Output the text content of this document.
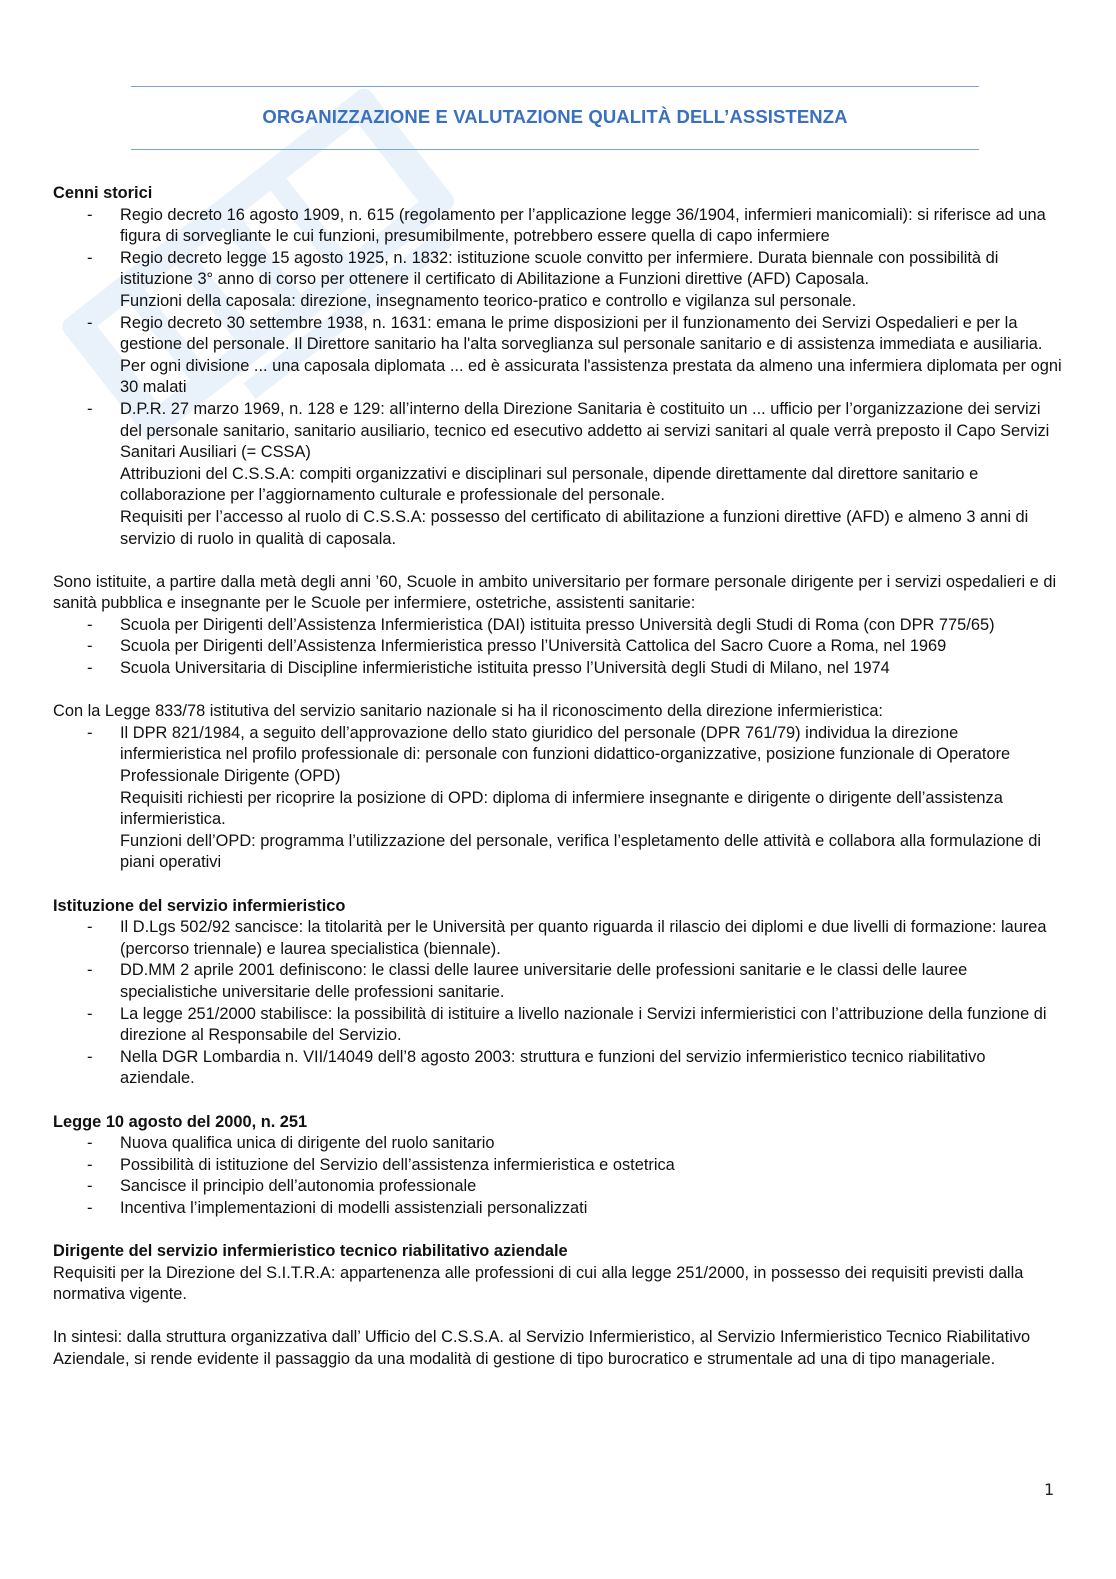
ORGANIZZAZIONE E VALUTAZIONE QUALITÀ DELL’ASSISTENZA
Cenni storici
- Regio decreto 16 agosto 1909, n. 615 (regolamento per l’applicazione legge 36/1904, infermieri manicomiali): si riferisce ad una figura di sorvegliante le cui funzioni, presumibilmente, potrebbero essere quella di capo infermiere
- Regio decreto legge 15 agosto 1925, n. 1832: istituzione scuole convitto per infermiere. Durata biennale con possibilità di istituzione 3° anno di corso per ottenere il certificato di Abilitazione a Funzioni direttive (AFD) Caposala.
Funzioni della caposala: direzione, insegnamento teorico-pratico e controllo e vigilanza sul personale.
- Regio decreto 30 settembre 1938, n. 1631: emana le prime disposizioni per il funzionamento dei Servizi Ospedalieri e per la gestione del personale. Il Direttore sanitario ha l'alta sorveglianza sul personale sanitario e di assistenza immediata e ausiliaria. Per ogni divisione ... una caposala diplomata ... ed è assicurata l'assistenza prestata da almeno una infermiera diplomata per ogni 30 malati
- D.P.R. 27 marzo 1969, n. 128 e 129: all’interno della Direzione Sanitaria è costituito un ... ufficio per l’organizzazione dei servizi del personale sanitario, sanitario ausiliario, tecnico ed esecutivo addetto ai servizi sanitari al quale verrà preposto il Capo Servizi Sanitari Ausiliari (= CSSA)
Attribuzioni del C.S.S.A: compiti organizzativi e disciplinari sul personale, dipende direttamente dal direttore sanitario e collaborazione per l’aggiornamento culturale e professionale del personale.
Requisiti per l’accesso al ruolo di C.S.S.A: possesso del certificato di abilitazione a funzioni direttive (AFD) e almeno 3 anni di servizio di ruolo in qualità di caposala.
Sono istituite, a partire dalla metà degli anni ’60, Scuole in ambito universitario per formare personale dirigente per i servizi ospedalieri e di sanità pubblica e insegnante per le Scuole per infermiere, ostetriche, assistenti sanitarie:
- Scuola per Dirigenti dell’Assistenza Infermieristica (DAI) istituita presso Università degli Studi di Roma (con DPR 775/65)
- Scuola per Dirigenti dell’Assistenza Infermieristica presso l’Università Cattolica del Sacro Cuore a Roma, nel 1969
- Scuola Universitaria di Discipline infermieristiche istituita presso l’Università degli Studi di Milano, nel 1974
Con la Legge 833/78 istitutiva del servizio sanitario nazionale si ha il riconoscimento della direzione infermieristica:
- Il DPR 821/1984, a seguito dell’approvazione dello stato giuridico del personale (DPR 761/79) individua la direzione infermieristica nel profilo professionale di: personale con funzioni didattico-organizzative, posizione funzionale di Operatore Professionale Dirigente (OPD)
Requisiti richiesti per ricoprire la posizione di OPD: diploma di infermiere insegnante e dirigente o dirigente dell’assistenza infermieristica.
Funzioni dell’OPD: programma l’utilizzazione del personale, verifica l’espletamento delle attività e collabora alla formulazione di piani operativi
Istituzione del servizio infermieristico
- Il D.Lgs 502/92 sancisce: la titolarità per le Università per quanto riguarda il rilascio dei diplomi e due livelli di formazione: laurea (percorso triennale) e laurea specialistica (biennale).
- DD.MM 2 aprile 2001 definiscono: le classi delle lauree universitarie delle professioni sanitarie e le classi delle lauree specialistiche universitarie delle professioni sanitarie.
- La legge 251/2000 stabilisce: la possibilità di istituire a livello nazionale i Servizi infermieristici con l’attribuzione della funzione di direzione al Responsabile del Servizio.
- Nella DGR Lombardia n. VII/14049 dell’8 agosto 2003: struttura e funzioni del servizio infermieristico tecnico riabilitativo aziendale.
Legge 10 agosto del 2000, n. 251
- Nuova qualifica unica di dirigente del ruolo sanitario
- Possibilità di istituzione del Servizio dell’assistenza infermieristica e ostetrica
- Sancisce il principio dell’autonomia professionale
- Incentiva l’implementazioni di modelli assistenziali personalizzati
Dirigente del servizio infermieristico tecnico riabilitativo aziendale
Requisiti per la Direzione del S.I.T.R.A: appartenenza alle professioni di cui alla legge 251/2000, in possesso dei requisiti previsti dalla normativa vigente.
In sintesi: dalla struttura organizzativa dall’ Ufficio del C.S.S.A. al Servizio Infermieristico, al Servizio Infermieristico Tecnico Riabilitativo Aziendale, si rende evidente il passaggio da una modalità di gestione di tipo burocratico e strumentale ad una di tipo manageriale.
1
